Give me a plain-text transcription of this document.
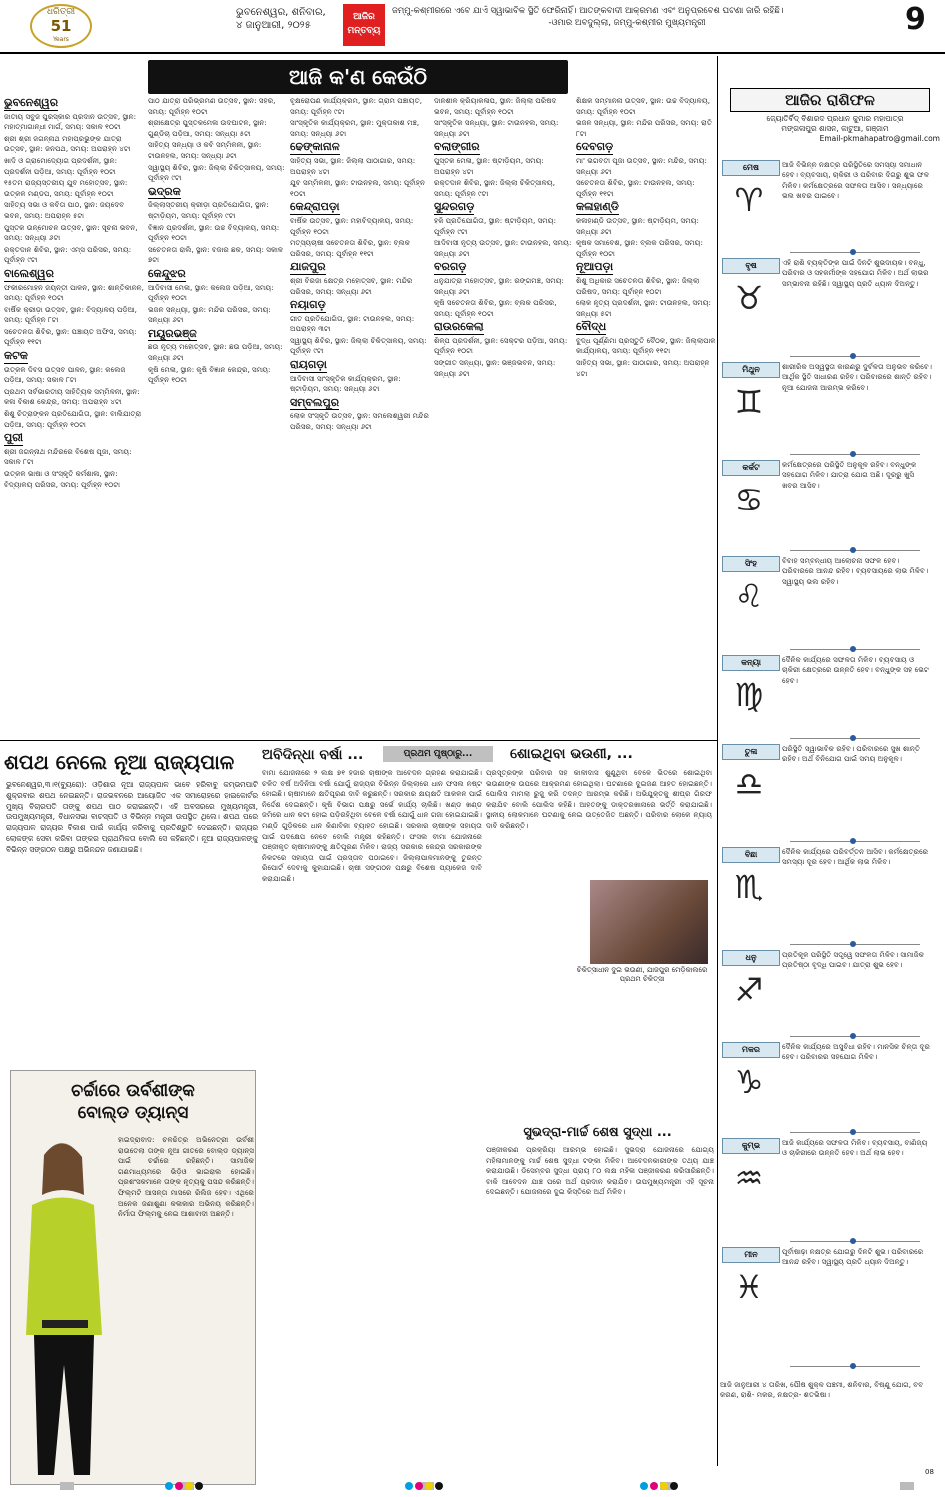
ଧରିତ୍ରୀ
51
Years
ଭୁବନେଶ୍ୱର, ଶନିବାର,
୪ ଜାନୁଆରୀ, ୨୦୨୫
ଆଜିର ମନ୍ତବ୍ୟ
ଜମ୍ମୁ-କଶ୍ମୀରରେ ଏବେ ଯାଏଁ ସ୍ୱାଭାବିକ ସ୍ଥିତି ଫେରିନାହିଁ। ଆତଙ୍କବାଦୀ ଆକ୍ରମଣ ଏବଂ ଅନୁପ୍ରବେଶ ଘଟଣା ଜାରି ରହିଛି।
-ଓମାର ଅବଦୁଲ୍ଲା, ଜମ୍ମୁ-କଶ୍ମୀର ମୁଖ୍ୟମନ୍ତ୍ରୀ	9
ଆଜି କ'ଣ କେଉଁଠି
ଭୁବନେଶ୍ୱର

ଜାତୀୟ ସବୁଜ ପୁରସ୍କାର ପ୍ରଦାନ ଉତ୍ସବ, ସ୍ଥାନ: ମହାତ୍ମାଗାନ୍ଧୀ ମାର୍ଗ, ସମୟ: ସକାଳ ୧୦ଟା

ଶ୍ରୀ ଶ୍ରୀ ଜଗନ୍ନାଥ ମହାପ୍ରଭୁଙ୍କ ଯାତ୍ରା ଉତ୍ସବ, ସ୍ଥାନ: ଜନପଥ, ସମୟ: ଅପରାହ୍ନ ୪ଟା

ଖାଦି ଓ ଗ୍ରାମୋଦ୍ୟୋଗ ପ୍ରଦର୍ଶନୀ, ସ୍ଥାନ: ପ୍ରଦର୍ଶନୀ ପଡ଼ିଆ, ସମୟ: ପୂର୍ବାହ୍ନ ୧୦ଟା

୧୫ତମ ରାଜ୍ୟସ୍ତରୀୟ ଯୁବ ମହୋତ୍ସବ, ସ୍ଥାନ: ଉତ୍କଳ ମଣ୍ଡପ, ସମୟ: ପୂର୍ବାହ୍ନ ୧୦ଟା

ସାହିତ୍ୟ ସଭା ଓ କବିତା ପାଠ, ସ୍ଥାନ: ଜୟଦେବ ଭବନ, ସମୟ: ଅପରାହ୍ନ ୫ଟା

ପୁସ୍ତକ ଉନ୍ମୋଚନ ଉତ୍ସବ, ସ୍ଥାନ: ସୂଚନା ଭବନ, ସମୟ: ସନ୍ଧ୍ୟା ୬ଟା

ରକ୍ତଦାନ ଶିବିର, ସ୍ଥାନ: ଏମ୍ସ ପରିସର, ସମୟ: ପୂର୍ବାହ୍ନ ୯ଟା

ବାଲେଶ୍ୱର

ଫକୀରମୋହନ ଜୟନ୍ତୀ ପାଳନ, ସ୍ଥାନ: ଶାନ୍ତିକାନନ, ସମୟ: ପୂର୍ବାହ୍ନ ୧୦ଟା

ବାର୍ଷିକ କ୍ରୀଡ଼ା ଉତ୍ସବ, ସ୍ଥାନ: ବିଦ୍ୟାଳୟ ପଡ଼ିଆ, ସମୟ: ପୂର୍ବାହ୍ନ ୮ଟା

ସଚେତନତା ଶିବିର, ସ୍ଥାନ: ପଞ୍ଚାୟତ ଅଫିସ, ସମୟ: ପୂର୍ବାହ୍ନ ୧୧ଟା

କଟକ

ଉତ୍କଳ ଦିବସ ଉତ୍ସବ ପାଳନ, ସ୍ଥାନ: କଲେଜ ପଡ଼ିଆ, ସମୟ: ସକାଳ ୮ଟା

ପ୍ରଥମ ସର୍ବଭାରତୀୟ ସାହିତ୍ୟିକ ସମ୍ମିଳନୀ, ସ୍ଥାନ: କଳା ବିକାଶ କେନ୍ଦ୍ର, ସମୟ: ଅପରାହ୍ନ ୪ଟା

ଶିଶୁ ଚିତ୍ରାଙ୍କନ ପ୍ରତିଯୋଗିତା, ସ୍ଥାନ: ବାଲିଯାତ୍ରା ପଡ଼ିଆ, ସମୟ: ପୂର୍ବାହ୍ନ ୧୦ଟା

ପୁରୀ

ଶ୍ରୀ ଜଗନ୍ନାଥ ମନ୍ଦିରରେ ବିଶେଷ ପୂଜା, ସମୟ: ସକାଳ ୮ଟା

ଉତ୍କଳ ଭାଷା ଓ ସଂସ୍କୃତି କର୍ମଶାଳା, ସ୍ଥାନ: ବିଦ୍ୟାଳୟ ପରିସର, ସମୟ: ପୂର୍ବାହ୍ନ ୧୦ଟା

ପାଠ ଯାତ୍ରା ପରିଭ୍ରମଣ ଉତ୍ସବ, ସ୍ଥାନ: ସହର, ସମୟ: ପୂର୍ବାହ୍ନ ୧୦ଟା

ଶ୍ରୀକ୍ଷେତ୍ର ପୁସ୍ତକମେଳା ଉଦଘାଟନ, ସ୍ଥାନ: ଗୁଣ୍ଡିଚା ପଡ଼ିଆ, ସମୟ: ସନ୍ଧ୍ୟା ୫ଟା

ସାହିତ୍ୟ ସନ୍ଧ୍ୟା ଓ କବି ସମ୍ମିଳନୀ, ସ୍ଥାନ: ଟାଉନହଲ, ସମୟ: ସନ୍ଧ୍ୟା ୬ଟା

ସ୍ୱାସ୍ଥ୍ୟ ଶିବିର, ସ୍ଥାନ: ଜିଲ୍ଲା ଚିକିତ୍ସାଳୟ, ସମୟ: ପୂର୍ବାହ୍ନ ୯ଟା

ଭଦ୍ରକ

ଜିଲ୍ଲାସ୍ତରୀୟ କ୍ରୀଡ଼ା ପ୍ରତିଯୋଗିତା, ସ୍ଥାନ: ଷ୍ଟାଡ଼ିୟମ, ସମୟ: ପୂର୍ବାହ୍ନ ୯ଟା

ବିଜ୍ଞାନ ପ୍ରଦର୍ଶନୀ, ସ୍ଥାନ: ଉଚ୍ଚ ବିଦ୍ୟାଳୟ, ସମୟ: ପୂର୍ବାହ୍ନ ୧୦ଟା

ସଚେତନତା ରାଲି, ସ୍ଥାନ: ବଜାର ଛକ, ସମୟ: ସକାଳ ୭ଟା

କେନ୍ଦୁଝର

ଆଦିବାସୀ ମେଳା, ସ୍ଥାନ: କଲେଜ ପଡ଼ିଆ, ସମୟ: ପୂର୍ବାହ୍ନ ୧୦ଟା

ଭଜନ ସନ୍ଧ୍ୟା, ସ୍ଥାନ: ମନ୍ଦିର ପରିସର, ସମୟ: ସନ୍ଧ୍ୟା ୬ଟା

ମୟୂରଭଞ୍ଜ

ଛଉ ନୃତ୍ୟ ମହୋତ୍ସବ, ସ୍ଥାନ: ଛଉ ପଡ଼ିଆ, ସମୟ: ସନ୍ଧ୍ୟା ୬ଟା

କୃଷି ମେଳା, ସ୍ଥାନ: କୃଷି ବିଜ୍ଞାନ କେନ୍ଦ୍ର, ସମୟ: ପୂର୍ବାହ୍ନ ୧୦ଟା

ବୃକ୍ଷରୋପଣ କାର୍ଯ୍ୟକ୍ରମ, ସ୍ଥାନ: ଗ୍ରାମ ପଞ୍ଚାୟତ, ସମୟ: ପୂର୍ବାହ୍ନ ୯ଟା

ସାଂସ୍କୃତିକ କାର୍ଯ୍ୟକ୍ରମ, ସ୍ଥାନ: ମୁକ୍ତାକାଶ ମଞ୍ଚ, ସମୟ: ସନ୍ଧ୍ୟା ୬ଟା

ଢେଙ୍କାନାଳ

ସାହିତ୍ୟ ସଭା, ସ୍ଥାନ: ଜିଲ୍ଲା ପାଠାଗାର, ସମୟ: ଅପରାହ୍ନ ୪ଟା

ଯୁବ ସମ୍ମିଳନୀ, ସ୍ଥାନ: ଟାଉନହଲ, ସମୟ: ପୂର୍ବାହ୍ନ ୧୦ଟା

କେନ୍ଦ୍ରାପଡ଼ା

ବାର୍ଷିକ ଉତ୍ସବ, ସ୍ଥାନ: ମହାବିଦ୍ୟାଳୟ, ସମୟ: ପୂର୍ବାହ୍ନ ୧୦ଟା

ମତ୍ସ୍ୟଚାଷୀ ସଚେତନତା ଶିବିର, ସ୍ଥାନ: ବ୍ଲକ ପରିସର, ସମୟ: ପୂର୍ବାହ୍ନ ୧୧ଟା

ଯାଜପୁର

ଶ୍ରୀ ବିରଜା କ୍ଷେତ୍ର ମହୋତ୍ସବ, ସ୍ଥାନ: ମନ୍ଦିର ପରିସର, ସମୟ: ସନ୍ଧ୍ୟା ୬ଟା

ନୟାଗଡ଼

ଗୀତ ପ୍ରତିଯୋଗିତା, ସ୍ଥାନ: ଟାଉନହଲ, ସମୟ: ଅପରାହ୍ନ ୩ଟା

ସ୍ୱାସ୍ଥ୍ୟ ଶିବିର, ସ୍ଥାନ: ଜିଲ୍ଲା ଚିକିତ୍ସାଳୟ, ସମୟ: ପୂର୍ବାହ୍ନ ୯ଟା

ରାୟଗଡ଼ା

ଆଦିବାସୀ ସାଂସ୍କୃତିକ କାର୍ଯ୍ୟକ୍ରମ, ସ୍ଥାନ: ଷ୍ଟାଡ଼ିୟମ, ସମୟ: ସନ୍ଧ୍ୟା ୬ଟା

ସମ୍ବଲପୁର

ଲୋକ ସଂସ୍କୃତି ଉତ୍ସବ, ସ୍ଥାନ: ସମଲେଶ୍ୱରୀ ମନ୍ଦିର ପରିସର, ସମୟ: ସନ୍ଧ୍ୟା ୬ଟା

ଦାନଶୀଳ କ୍ରିୟାକଳାପ, ସ୍ଥାନ: ଜିଲ୍ଲା ପରିଷଦ ଭବନ, ସମୟ: ପୂର୍ବାହ୍ନ ୧୦ଟା

ସାଂସ୍କୃତିକ ସନ୍ଧ୍ୟା, ସ୍ଥାନ: ଟାଉନହଲ, ସମୟ: ସନ୍ଧ୍ୟା ୬ଟା

ବଲାଙ୍ଗୀର

ପୁସ୍ତକ ମେଳା, ସ୍ଥାନ: ଷ୍ଟାଡ଼ିୟମ, ସମୟ: ଅପରାହ୍ନ ୪ଟା

ରକ୍ତଦାନ ଶିବିର, ସ୍ଥାନ: ଜିଲ୍ଲା ଚିକିତ୍ସାଳୟ, ସମୟ: ପୂର୍ବାହ୍ନ ୯ଟା

ସୁନ୍ଦରଗଡ଼

ହକି ପ୍ରତିଯୋଗିତା, ସ୍ଥାନ: ଷ୍ଟାଡ଼ିୟମ, ସମୟ: ପୂର୍ବାହ୍ନ ୯ଟା

ଆଦିବାସୀ ନୃତ୍ୟ ଉତ୍ସବ, ସ୍ଥାନ: ଟାଉନହଲ, ସମୟ: ସନ୍ଧ୍ୟା ୬ଟା

ବରଗଡ଼

ଧନୁଯାତ୍ରା ମହୋତ୍ସବ, ସ୍ଥାନ: ରଙ୍ଗମଞ୍ଚ, ସମୟ: ସନ୍ଧ୍ୟା ୬ଟା

କୃଷି ସଚେତନତା ଶିବିର, ସ୍ଥାନ: ବ୍ଲକ ପରିସର, ସମୟ: ପୂର୍ବାହ୍ନ ୧୦ଟା

ରାଉରକେଲା

ଶିଳ୍ପ ପ୍ରଦର୍ଶନୀ, ସ୍ଥାନ: ସେକ୍ଟର ପଡ଼ିଆ, ସମୟ: ପୂର୍ବାହ୍ନ ୧୦ଟା

ସଙ୍ଗୀତ ସନ୍ଧ୍ୟା, ସ୍ଥାନ: ଭଞ୍ଜଭବନ, ସମୟ: ସନ୍ଧ୍ୟା ୬ଟା

ଶିକ୍ଷକ ସମ୍ମାନନା ଉତ୍ସବ, ସ୍ଥାନ: ଉଚ୍ଚ ବିଦ୍ୟାଳୟ, ସମୟ: ପୂର୍ବାହ୍ନ ୧୦ଟା

ଭଜନ ସନ୍ଧ୍ୟା, ସ୍ଥାନ: ମନ୍ଦିର ପରିସର, ସମୟ: ରାତି ୮ଟା

ଦେବଗଡ଼

ମା' ଭଗବତୀ ପୂଜା ଉତ୍ସବ, ସ୍ଥାନ: ମନ୍ଦିର, ସମୟ: ସନ୍ଧ୍ୟା ୬ଟା

ସଚେତନତା ଶିବିର, ସ୍ଥାନ: ଟାଉନହଲ, ସମୟ: ପୂର୍ବାହ୍ନ ୧୧ଟା

କଳାହାଣ୍ଡି

କଳାହାଣ୍ଡି ଉତ୍ସବ, ସ୍ଥାନ: ଷ୍ଟାଡ଼ିୟମ, ସମୟ: ସନ୍ଧ୍ୟା ୬ଟା

କୃଷକ ସମାବେଶ, ସ୍ଥାନ: ବ୍ଲକ ପରିସର, ସମୟ: ପୂର୍ବାହ୍ନ ୧୦ଟା

ନୂଆପଡ଼ା

ଶିଶୁ ଅଧିକାର ସଚେତନତା ଶିବିର, ସ୍ଥାନ: ଜିଲ୍ଲା ପରିଷଦ, ସମୟ: ପୂର୍ବାହ୍ନ ୧୦ଟା

ଲୋକ ନୃତ୍ୟ ପ୍ରଦର୍ଶନୀ, ସ୍ଥାନ: ଟାଉନହଲ, ସମୟ: ସନ୍ଧ୍ୟା ୫ଟା

ବୌଦ୍ଧ

ବୁଦ୍ଧ ପୂର୍ଣ୍ଣିମା ପ୍ରସ୍ତୁତି ବୈଠକ, ସ୍ଥାନ: ଜିଲ୍ଲାପାଳ କାର୍ଯ୍ୟାଳୟ, ସମୟ: ପୂର୍ବାହ୍ନ ୧୧ଟା

ସାହିତ୍ୟ ସଭା, ସ୍ଥାନ: ପାଠାଗାର, ସମୟ: ଅପରାହ୍ନ ୪ଟା

ଆଜିର ରାଶିଫଳ
ଜ୍ୟୋତିର୍ବିଦ୍ ବିଶାରଦ ପ୍ରଧାନ କୁମାର ମହାପାତ୍ର
ମଙ୍ଗଳାପୁର ଶାସନ, କାଟୁଆ, ଗଞ୍ଜାମ
Email-pkmahapatro@gmail.com
ମେଷ
♈
ଆଜି ବିଭିନ୍ନ ନକ୍ଷତ୍ର ପରିସ୍ଥିତିରେ ସମସ୍ୟା ସମାଧାନ ହେବ। ବ୍ୟବସାୟ, ଚାକିରୀ ଓ ପରିବାର ଦିଗରୁ ଶୁଭ ଫଳ ମିଳିବ। କର୍ମକ୍ଷେତ୍ରରେ ସଫଳତା ଆସିବ। ସନ୍ଧ୍ୟାରେ ଭଲ ଖବର ପାଇବେ।
ବୃଷ
♉
ଏହି ରାଶି ବ୍ୟକ୍ତିଙ୍କ ପାଇଁ ଦିନଟି ଶୁଭଦାୟକ। ବନ୍ଧୁ, ପରିବାର ଓ ସହକର୍ମୀଙ୍କ ସହଯୋଗ ମିଳିବ। ଅର୍ଥ ଲାଭର ସମ୍ଭାବନା ରହିଛି। ସ୍ୱାସ୍ଥ୍ୟ ପ୍ରତି ଧ୍ୟାନ ଦିଅନ୍ତୁ।
ମିଥୁନ
♊
ଶାରୀରିକ ଅସ୍ୱସ୍ଥତା କାରଣରୁ ଦୁର୍ବଳତା ଅନୁଭବ କରିବେ। ଆର୍ଥିକ ସ୍ଥିତି ସାଧାରଣ ରହିବ। ପରିବାରରେ ଶାନ୍ତି ରହିବ। ନୂଆ ଯୋଜନା ଆରମ୍ଭ କରିବେ।
କର୍କଟ
♋
କର୍ମକ୍ଷେତ୍ରରେ ପରିସ୍ଥିତି ଅନୁକୂଳ ରହିବ। ବନ୍ଧୁଙ୍କ ସହଯୋଗ ମିଳିବ। ଯାତ୍ରା ଯୋଗ ଅଛି। ଦୂରରୁ ଖୁସି ଖବର ଆସିବ।
ସିଂହ
♌
ବିବାହ ସମ୍ବନ୍ଧୀୟ ଆଲୋଚନା ସଫଳ ହେବ। ପରିବାରରେ ଆନନ୍ଦ ରହିବ। ବ୍ୟବସାୟରେ ଲାଭ ମିଳିବ। ସ୍ୱାସ୍ଥ୍ୟ ଭଲ ରହିବ।
କନ୍ୟା
♍
ଦୈନିକ କାର୍ଯ୍ୟରେ ସଫଳତା ମିଳିବ। ବ୍ୟବସାୟ ଓ ଚାକିରୀ କ୍ଷେତ୍ରରେ ଉନ୍ନତି ହେବ। ବନ୍ଧୁଙ୍କ ସହ ଭେଟ ହେବ।
ତୁଳା
♎
ପରିସ୍ଥିତି ସ୍ୱାଭାବିକ ରହିବ। ପରିବାରରେ ସୁଖ ଶାନ୍ତି ରହିବ। ଅର୍ଥ ବିନିଯୋଗ ପାଇଁ ସମୟ ଅନୁକୂଳ।
ବିଛା
♏
ଦୈନିକ କାର୍ଯ୍ୟରେ ପରିବର୍ତ୍ତନ ଆସିବ। କର୍ମକ୍ଷେତ୍ରରେ ସମସ୍ୟା ଦୂର ହେବ। ଆର୍ଥିକ ଲାଭ ମିଳିବ।
ଧନୁ
♐
ପ୍ରତିକୂଳ ପରିସ୍ଥିତି ସତ୍ତ୍ୱେ ସଫଳତା ମିଳିବ। ସାମାଜିକ ପ୍ରତିଷ୍ଠା ବୃଦ୍ଧି ପାଇବ। ଯାତ୍ରା ଶୁଭ ହେବ।
ମକର
♑
ଦୈନିକ କାର୍ଯ୍ୟରେ ଅସୁବିଧା ରହିବ। ମାନସିକ ଚିନ୍ତା ଦୂର ହେବ। ପରିବାରର ସହଯୋଗ ମିଳିବ।
କୁମ୍ଭ
♒
ଆଜି କାର୍ଯ୍ୟରେ ସଫଳତା ମିଳିବ। ବ୍ୟବସାୟ, ବାଣିଜ୍ୟ ଓ ଚାକିରୀରେ ଉନ୍ନତି ହେବ। ଅର୍ଥ ଲାଭ ହେବ।
ମୀନ
♓
ପୂର୍ବାଷାଢ଼ା ନକ୍ଷତ୍ର ଯୋଗରୁ ଦିନଟି ଶୁଭ। ପରିବାରରେ ଆନନ୍ଦ ରହିବ। ସ୍ୱାସ୍ଥ୍ୟ ପ୍ରତି ଧ୍ୟାନ ଦିଅନ୍ତୁ।
ଆଜି ଜାନୁଆରୀ ୪ ତାରିଖ, ପୌଷ ଶୁକ୍ଳ ପଞ୍ଚମୀ, ଶନିବାର, ବିଷ୍ଣୁ ଯୋଗ, ବବ କରଣ, ରାଶି- ମକର, ନକ୍ଷତ୍ର- ଶତଭିଷା।
ଶପଥ ନେଲେ ନୂଆ ରାଜ୍ୟପାଳ
ଭୁବନେଶ୍ୱର,୩।୧(ବ୍ୟୁରୋ): ଓଡ଼ିଶାର ନୂଆ ରାଜ୍ୟପାଳ ଭାବେ ହରିବାବୁ କମ୍ଭମପାଟି ଶୁକ୍ରବାର ଶପଥ ନେଇଛନ୍ତି। ରାଜଭବନରେ ଆୟୋଜିତ ଏକ ସମାରୋହରେ ହାଇକୋର୍ଟର ମୁଖ୍ୟ ବିଚାରପତି ତାଙ୍କୁ ଶପଥ ପାଠ କରାଇଛନ୍ତି। ଏହି ଅବସରରେ ମୁଖ୍ୟମନ୍ତ୍ରୀ, ଉପମୁଖ୍ୟମନ୍ତ୍ରୀ, ବିଧାନସଭା ବାଚସ୍ପତି ଓ ବିଭିନ୍ନ ମନ୍ତ୍ରୀ ଉପସ୍ଥିତ ଥିଲେ। ଶପଥ ପରେ ରାଜ୍ୟପାଳ ରାଜ୍ୟର ବିକାଶ ପାଇଁ କାର୍ଯ୍ୟ କରିବାକୁ ପ୍ରତିଶ୍ରୁତି ଦେଇଛନ୍ତି। ରାଜ୍ୟର ଲୋକଙ୍କ ସେବା କରିବା ତାଙ୍କର ପ୍ରାଥମିକତା ବୋଲି ସେ କହିଛନ୍ତି। ନୂଆ ରାଜ୍ୟପାଳଙ୍କୁ ବିଭିନ୍ନ ସଙ୍ଗଠନ ପକ୍ଷରୁ ଅଭିନନ୍ଦନ ଜଣାଯାଇଛି।
ଅବିଦିନ୍ଧା ବର୍ଷା ...	ପ୍ରଥମ ପୃଷ୍ଠାରୁ...
ବାମା ଯୋଜନାରେ ୨ ଲକ୍ଷ ୭୧ ହଜାର ଚାଷୀଙ୍କ ଆବେଦନ ଗ୍ରହଣ କରାଯାଇଛି। ଚଳିତ ବର୍ଷ ଅଦିନିଆ ବର୍ଷା ଯୋଗୁଁ ରାଜ୍ୟର ବିଭିନ୍ନ ଜିଲ୍ଲାରେ ଧାନ ଫସଲ ନଷ୍ଟ ହୋଇଛି। ଚାଷୀମାନେ କ୍ଷତିପୂରଣ ଦାବି କରୁଛନ୍ତି। ସରକାର କ୍ଷୟକ୍ଷତି ଆକଳନ ପାଇଁ ନିର୍ଦ୍ଦେଶ ଦେଇଛନ୍ତି। କୃଷି ବିଭାଗ ପକ୍ଷରୁ ସର୍ଭେ କାର୍ଯ୍ୟ ଚାଲିଛି। ଖଣ୍ଡ ଖଣ୍ଡ ଜମିରେ ଧାନ କଟା ହୋଇ ପଡ଼ିରହିଥିବା ବେଳେ ବର୍ଷା ଯୋଗୁଁ ଧାନ ଗଜା ହୋଇଯାଇଛି। ମଣ୍ଡି ଗୁଡ଼ିକରେ ଧାନ କିଣାବିକା ବ୍ୟାହତ ହୋଇଛି। ସରକାର ଚାଷୀଙ୍କ ସହାୟତା ପାଇଁ ପଦକ୍ଷେପ ନେବେ ବୋଲି ମନ୍ତ୍ରୀ କହିଛନ୍ତି। ଫସଲ ବୀମା ଯୋଜନାରେ ପଞ୍ଜୀକୃତ ଚାଷୀମାନଙ୍କୁ କ୍ଷତିପୂରଣ ମିଳିବ। ରାଜ୍ୟ ସରକାର କେନ୍ଦ୍ର ସରକାରଙ୍କ ନିକଟରେ ସହାୟତା ପାଇଁ ପ୍ରସ୍ତାବ ପଠାଇବେ। ଜିଲ୍ଲାପାଳମାନଙ୍କୁ ତୁରନ୍ତ ରିପୋର୍ଟ ଦେବାକୁ କୁହାଯାଇଛି। ଚାଷୀ ସଙ୍ଗଠନ ପକ୍ଷରୁ ବିଶେଷ ପ୍ୟାକେଜ ଦାବି କରାଯାଇଛି।
ଶୋଇଥିବା ଭଉଣୀ, ...
ପ୍ରସୂତ୍ରଙ୍କ ପରିବାର ସହ କାଳୀଦାସ ଶୁଣୁଥିବା ବେଳେ ଭିତରେ ଶୋଇଥିବା ଭଉଣୀଙ୍କ ଉପରେ ଆକ୍ରମଣ ହୋଇଥିଲା। ଘଟଣାରେ ଦୁଇଜଣ ଆହତ ହୋଇଛନ୍ତି। ପୋଲିସ ମାମଲା ରୁଜୁ କରି ତଦନ୍ତ ଆରମ୍ଭ କରିଛି। ଅଭିଯୁକ୍ତକୁ ଶୀଘ୍ର ଗିରଫ କରାଯିବ ବୋଲି ପୋଲିସ କହିଛି। ଆହତଙ୍କୁ ଡାକ୍ତରଖାନାରେ ଭର୍ତ୍ତି କରାଯାଇଛି। ସ୍ଥାନୀୟ ଲୋକମାନେ ଘଟଣାକୁ ନେଇ ଉତ୍ତେଜିତ ଅଛନ୍ତି। ପରିବାର ଲୋକେ ନ୍ୟାୟ ଦାବି କରିଛନ୍ତି।
ଚିକିତ୍ସାଧୀନ ଦୁଇ ଭଉଣୀ, ଯାଜପୁର ମେଡ଼ିକାଲରେ ପ୍ରଥମ ଚିକିତ୍ସା
ସୁଭଦ୍ରା-ମାର୍ଚ୍ଚ ଶେଷ ସୁଦ୍ଧା ...
ପଞ୍ଜୀକରଣ ପ୍ରକ୍ରିୟା ଆରମ୍ଭ ହୋଇଛି। ସୁଭଦ୍ରା ଯୋଜନାରେ ଯୋଗ୍ୟ ମହିଳାମାନଙ୍କୁ ମାର୍ଚ୍ଚ ଶେଷ ସୁଦ୍ଧା ଟଙ୍କା ମିଳିବ। ଆବେଦନକାରୀଙ୍କ ତଥ୍ୟ ଯାଞ୍ଚ କରାଯାଉଛି। ଡିସେମ୍ବର ସୁଦ୍ଧା ପ୍ରାୟ ୮୦ ଲକ୍ଷ ମହିଳା ପଞ୍ଜୀକରଣ କରିସାରିଛନ୍ତି। ବାକି ଆବେଦନ ଯାଞ୍ଚ ପରେ ଅର୍ଥ ପ୍ରଦାନ କରାଯିବ। ଉପମୁଖ୍ୟମନ୍ତ୍ରୀ ଏହି ସୂଚନା ଦେଇଛନ୍ତି। ଯୋଜନାରେ ଦୁଇ କିସ୍ତିରେ ଅର୍ଥ ମିଳିବ।
ଚର୍ଚ୍ଚାରେ ଉର୍ବଶୀଙ୍କ
ବୋଲ୍ଡ ଡ୍ୟାନ୍ସ
ହାଇଦ୍ରାବାଦ: ଚଳଚ୍ଚିତ୍ର ଅଭିନେତ୍ରୀ ଉର୍ବଶୀ ରାଉତେଲା ତାଙ୍କ ନୂଆ ଗୀତରେ ବୋଲ୍ଡ ଡ୍ୟାନ୍ସ ପାଇଁ ଚର୍ଚ୍ଚାରେ ରହିଛନ୍ତି। ସାମାଜିକ ଗଣମାଧ୍ୟମରେ ଭିଡ଼ିଓ ଭାଇରାଲ ହୋଇଛି। ପ୍ରଶଂସକମାନେ ତାଙ୍କ ନୃତ୍ୟକୁ ପସନ୍ଦ କରିଛନ୍ତି। ଫିଲ୍ମଟି ଆସନ୍ତା ମାସରେ ରିଲିଜ ହେବ। ଏଥିରେ ଅନେକ ଜଣାଶୁଣା କଳାକାର ଅଭିନୟ କରିଛନ୍ତି। ନିର୍ମାତା ଫିଲ୍ମକୁ ନେଇ ଆଶାବାଦୀ ଅଛନ୍ତି।
08
